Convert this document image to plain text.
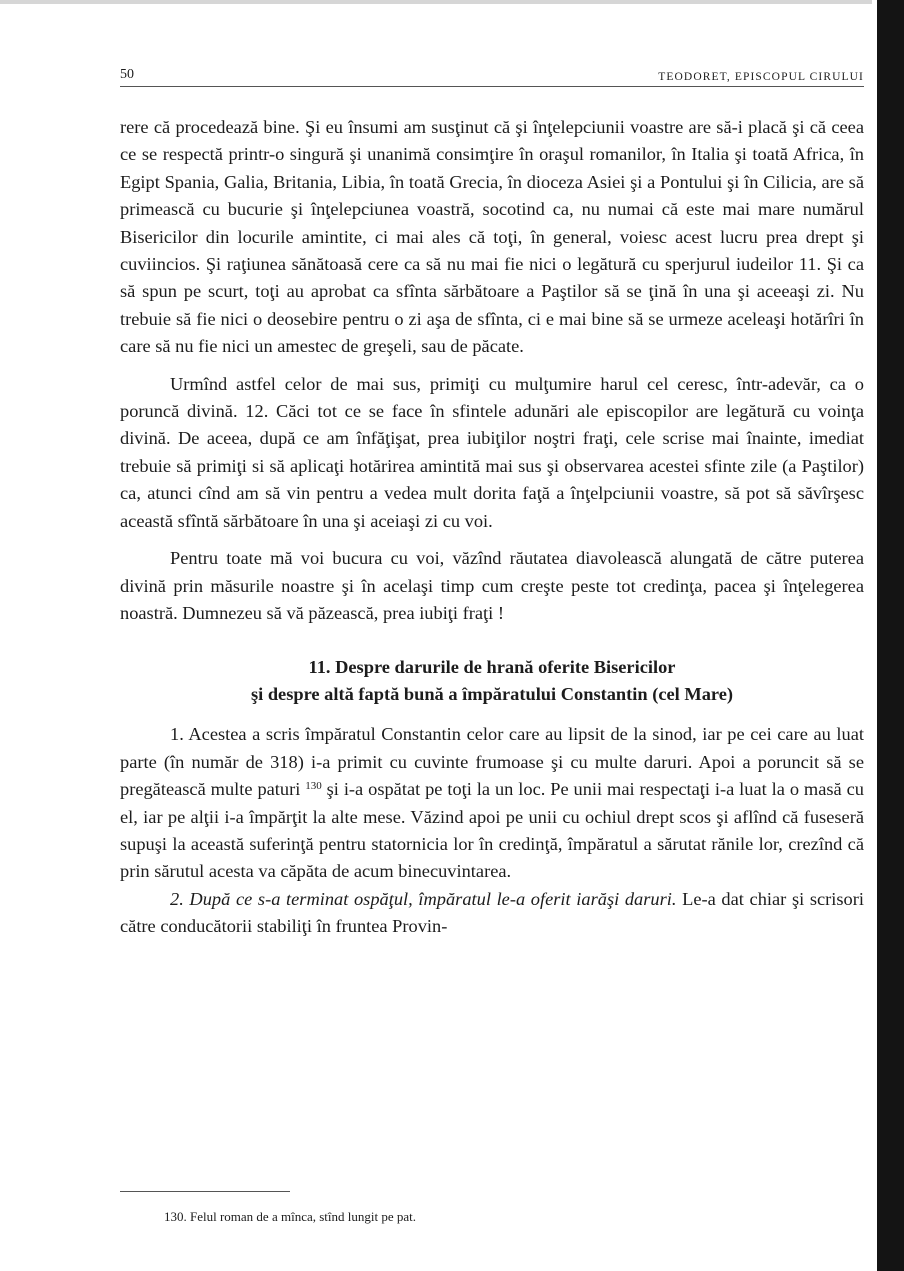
50	TEODORET, EPISCOPUL CIRULUI

rere că procedează bine. Şi eu însumi am susţinut că şi înţelepciunii voastre are să-i placă şi că ceea ce se respectă printr-o singură şi unanimă consimţire în oraşul romanilor, în Italia şi toată Africa, în Egipt Spania, Galia, Britania, Libia, în toată Grecia, în dioceza Asiei şi a Pontului şi în Cilicia, are să primească cu bucurie şi înţelepciunea voastră, socotind ca, nu numai că este mai mare numărul Bisericilor din locurile amintite, ci mai ales că toţi, în general, voiesc acest lucru prea drept şi cuviincios. Şi raţiunea sănătoasă cere ca să nu mai fie nici o legătură cu sperjurul iudeilor 11. Şi ca să spun pe scurt, toţi au aprobat ca sfînta sărbătoare a Paştilor să se ţină în una şi aceeaşi zi. Nu trebuie să fie nici o deosebire pentru o zi aşa de sfînta, ci e mai bine să se urmeze aceleaşi hotărîri în care să nu fie nici un amestec de greşeli, sau de păcate.

Urmînd astfel celor de mai sus, primiţi cu mulţumire harul cel ceresc, într-adevăr, ca o poruncă divină. 12. Căci tot ce se face în sfintele adunări ale episcopilor are legătură cu voinţa divină. De aceea, după ce am înfăţişat, prea iubiţilor noştri fraţi, cele scrise mai înainte, imediat trebuie să primiţi si să aplicaţi hotărirea amintită mai sus şi observarea acestei sfinte zile (a Paştilor) ca, atunci cînd am să vin pentru a vedea mult dorita faţă a înţelpciunii voastre, să pot să săvîrşesc această sfîntă sărbătoare în una şi aceiaşi zi cu voi.

Pentru toate mă voi bucura cu voi, văzînd răutatea diavolească alungată de către puterea divină prin măsurile noastre şi în acelaşi timp cum creşte peste tot credinţa, pacea şi înţelegerea noastră. Dumnezeu să vă păzească, prea iubiţi fraţi !

11. Despre darurile de hrană oferite Bisericilor
şi despre altă faptă bună a împăratului Constantin (cel Mare)

1. Acestea a scris împăratul Constantin celor care au lipsit de la sinod, iar pe cei care au luat parte (în număr de 318) i-a primit cu cuvinte frumoase şi cu multe daruri. Apoi a poruncit să se pregătească multe paturi $^{130}$ şi i-a ospătat pe toţi la un loc. Pe unii mai respectaţi i-a luat la o masă cu el, iar pe alţii i-a împărţit la alte mese. Văzind apoi pe unii cu ochiul drept scos şi aflînd că fuseseră supuşi la această suferinţă pentru statornicia lor în credinţă, împăratul a sărutat rănile lor, crezînd că prin sărutul acesta va căpăta de acum binecuvintarea.

2. După ce s-a terminat ospăţul, împăratul le-a oferit iarăşi daruri. Le-a dat chiar şi scrisori către conducătorii stabiliţi în fruntea Provin-

130. Felul roman de a mînca, stînd lungit pe pat.
